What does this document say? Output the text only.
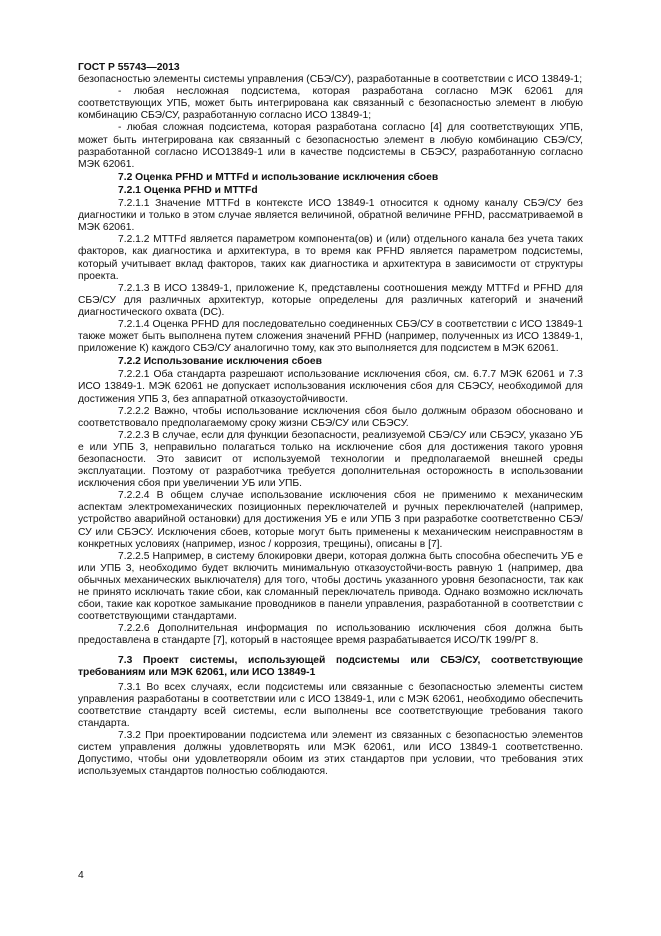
ГОСТ Р 55743—2013

безопасностью элементы системы управления (СБЭ/СУ), разработанные в соответствии с ИСО 13849-1;

- любая несложная подсистема, которая разработана согласно МЭК 62061 для соответствующих УПБ, может быть интегрирована как связанный с безопасностью элемент в любую комбинацию СБЭ/СУ, разработанную согласно ИСО 13849-1;

- любая сложная подсистема, которая разработана согласно [4] для соответствующих УПБ, может быть интегрирована как связанный с безопасностью элемент в любую комбинацию СБЭ/СУ, разработанной согласно ИСО13849-1 или в качестве подсистемы в СБЭСУ, разработанную согласно МЭК 62061.

7.2 Оценка PFHD и MTTFd и использование исключения сбоев

7.2.1 Оценка PFHD и MTTFd

7.2.1.1 Значение MTTFd в контексте ИСО 13849-1 относится к одному каналу СБЭ/СУ без диагностики и только в этом случае является величиной, обратной величине PFHD, рассматриваемой в МЭК 62061.

7.2.1.2 MTTFd является параметром компонента(ов) и (или) отдельного канала без учета таких факторов, как диагностика и архитектура, в то время как PFHD является параметром подсистемы, который учитывает вклад факторов, таких как диагностика и архитектура в зависимости от структуры проекта.

7.2.1.3 В ИСО 13849-1, приложение К, представлены соотношения между MTTFd и PFHD для СБЭ/СУ для различных архитектур, которые определены для различных категорий и значений диагностического охвата (DC).

7.2.1.4 Оценка PFHD для последовательно соединенных СБЭ/СУ в соответствии с ИСО 13849-1 также может быть выполнена путем сложения значений PFHD (например, полученных из ИСО 13849-1, приложение К) каждого СБЭ/СУ аналогично тому, как это выполняется для подсистем в МЭК 62061.

7.2.2 Использование исключения сбоев

7.2.2.1 Оба стандарта разрешают использование исключения сбоя, см. 6.7.7 МЭК 62061 и 7.3 ИСО 13849-1. МЭК 62061 не допускает использования исключения сбоя для СБЭСУ, необходимой для достижения УПБ 3, без аппаратной отказоустойчивости.

7.2.2.2 Важно, чтобы использование исключения сбоя было должным образом обосновано и соответствовало предполагаемому сроку жизни СБЭ/СУ или СБЭСУ.

7.2.2.3 В случае, если для функции безопасности, реализуемой СБЭ/СУ или СБЭСУ, указано УБ e или УПБ 3, неправильно полагаться только на исключение сбоя для достижения такого уровня безопасности. Это зависит от используемой технологии и предполагаемой внешней среды эксплуатации. Поэтому от разработчика требуется дополнительная осторожность в использовании исключения сбоя при увеличении УБ или УПБ.

7.2.2.4 В общем случае использование исключения сбоя не применимо к механическим аспектам электромеханических позиционных переключателей и ручных переключателей (например, устройство аварийной остановки) для достижения УБ e или УПБ 3 при разработке соответственно СБЭ/СУ или СБЭСУ. Исключения сбоев, которые могут быть применены к механическим неисправностям в конкретных условиях (например, износ / коррозия, трещины), описаны в [7].

7.2.2.5 Например, в систему блокировки двери, которая должна быть способна обеспечить УБ e или УПБ 3, необходимо будет включить минимальную отказоустойчи-вость равную 1 (например, два обычных механических выключателя) для того, чтобы достичь указанного уровня безопасности, так как не принято исключать такие сбои, как сломанный переключатель привода. Однако возможно исключать сбои, такие как короткое замыкание проводников в панели управления, разработанной в соответствии с соответствующими стандартами.

7.2.2.6 Дополнительная информация по использованию исключения сбоя должна быть предоставлена в стандарте [7], который в настоящее время разрабатывается ИСО/ТК 199/РГ 8.

7.3 Проект системы, использующей подсистемы или СБЭ/СУ, соответствующие требованиям или МЭК 62061, или ИСО 13849-1

7.3.1 Во всех случаях, если подсистемы или связанные с безопасностью элементы систем управления разработаны в соответствии или с ИСО 13849-1, или с МЭК 62061, необходимо обеспечить соответствие стандарту всей системы, если выполнены все соответствующие требования такого стандарта.

7.3.2 При проектировании подсистема или элемент из связанных с безопасностью элементов систем управления должны удовлетворять или МЭК 62061, или ИСО 13849-1 соответственно. Допустимо, чтобы они удовлетворяли обоим из этих стандартов при условии, что требования этих используемых стандартов полностью соблюдаются.

4
